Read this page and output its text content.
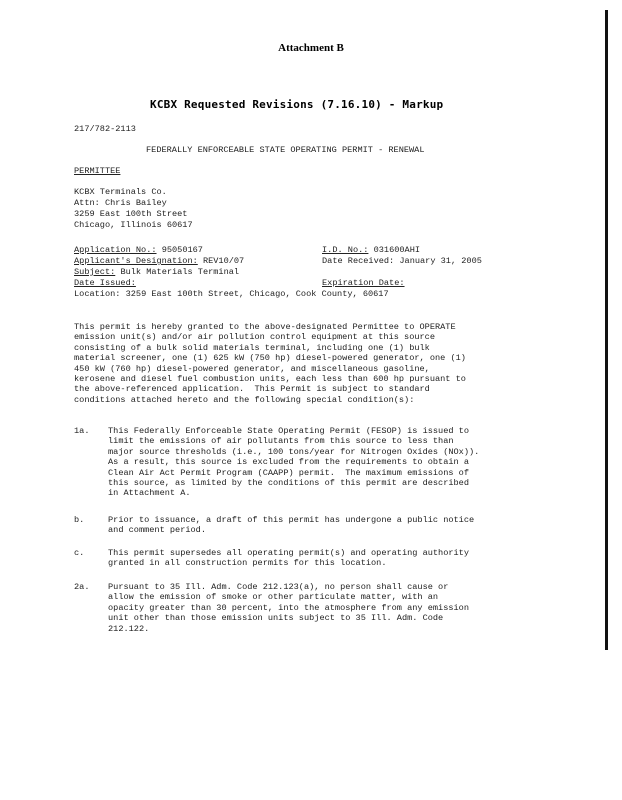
Attachment B
KCBX Requested Revisions (7.16.10) - Markup
217/782-2113
FEDERALLY ENFORCEABLE STATE OPERATING PERMIT - RENEWAL
PERMITTEE
KCBX Terminals Co.
Attn: Chris Bailey
3259 East 100th Street
Chicago, Illinois 60617
Application No.: 95050167	I.D. No.: 031600AHI
Applicant's Designation: REV10/07	Date Received: January 31, 2005
Subject: Bulk Materials Terminal
Date Issued:	Expiration Date:
Location: 3259 East 100th Street, Chicago, Cook County, 60617
This permit is hereby granted to the above-designated Permittee to OPERATE
emission unit(s) and/or air pollution control equipment at this source
consisting of a bulk solid materials terminal, including one (1) bulk
material screener, one (1) 625 kW (750 hp) diesel-powered generator, one (1)
450 kW (760 hp) diesel-powered generator, and miscellaneous gasoline,
kerosene and diesel fuel combustion units, each less than 600 hp pursuant to
the above-referenced application.  This Permit is subject to standard
conditions attached hereto and the following special condition(s):
1a. This Federally Enforceable State Operating Permit (FESOP) is issued to
limit the emissions of air pollutants from this source to less than
major source thresholds (i.e., 100 tons/year for Nitrogen Oxides (NOx)).
As a result, this source is excluded from the requirements to obtain a
Clean Air Act Permit Program (CAAPP) permit.  The maximum emissions of
this source, as limited by the conditions of this permit are described
in Attachment A.
b.	Prior to issuance, a draft of this permit has undergone a public notice
and comment period.
c.	This permit supersedes all operating permit(s) and operating authority
granted in all construction permits for this location.
2a. Pursuant to 35 Ill. Adm. Code 212.123(a), no person shall cause or
allow the emission of smoke or other particulate matter, with an
opacity greater than 30 percent, into the atmosphere from any emission
unit other than those emission units subject to 35 Ill. Adm. Code
212.122.
